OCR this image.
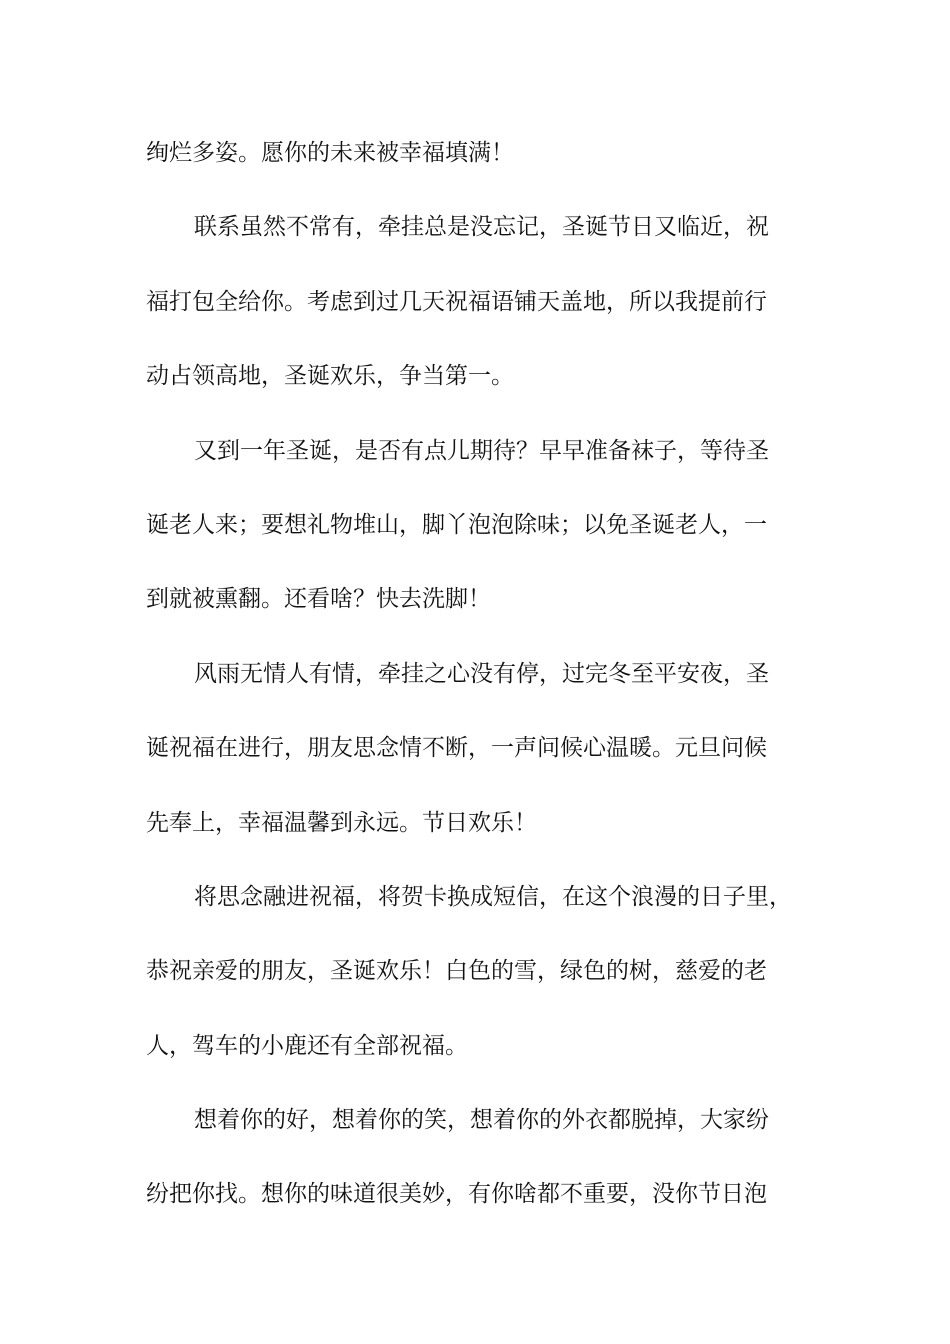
绚烂多姿。愿你的未来被幸福填满！

联系虽然不常有，牵挂总是没忘记，圣诞节日又临近，祝
福打包全给你。考虑到过几天祝福语铺天盖地，所以我提前行
动占领高地，圣诞欢乐，争当第一。

又到一年圣诞，是否有点儿期待？早早准备袜子，等待圣
诞老人来；要想礼物堆山，脚丫泡泡除味；以免圣诞老人，一
到就被熏翻。还看啥？快去洗脚！

风雨无情人有情，牵挂之心没有停，过完冬至平安夜，圣
诞祝福在进行，朋友思念情不断，一声问候心温暖。元旦问候
先奉上，幸福温馨到永远。节日欢乐！

将思念融进祝福，将贺卡换成短信，在这个浪漫的日子里，
恭祝亲爱的朋友，圣诞欢乐！白色的雪，绿色的树，慈爱的老
人，驾车的小鹿还有全部祝福。

想着你的好，想着你的笑，想着你的外衣都脱掉，大家纷
纷把你找。想你的味道很美妙，有你啥都不重要，没你节日泡
